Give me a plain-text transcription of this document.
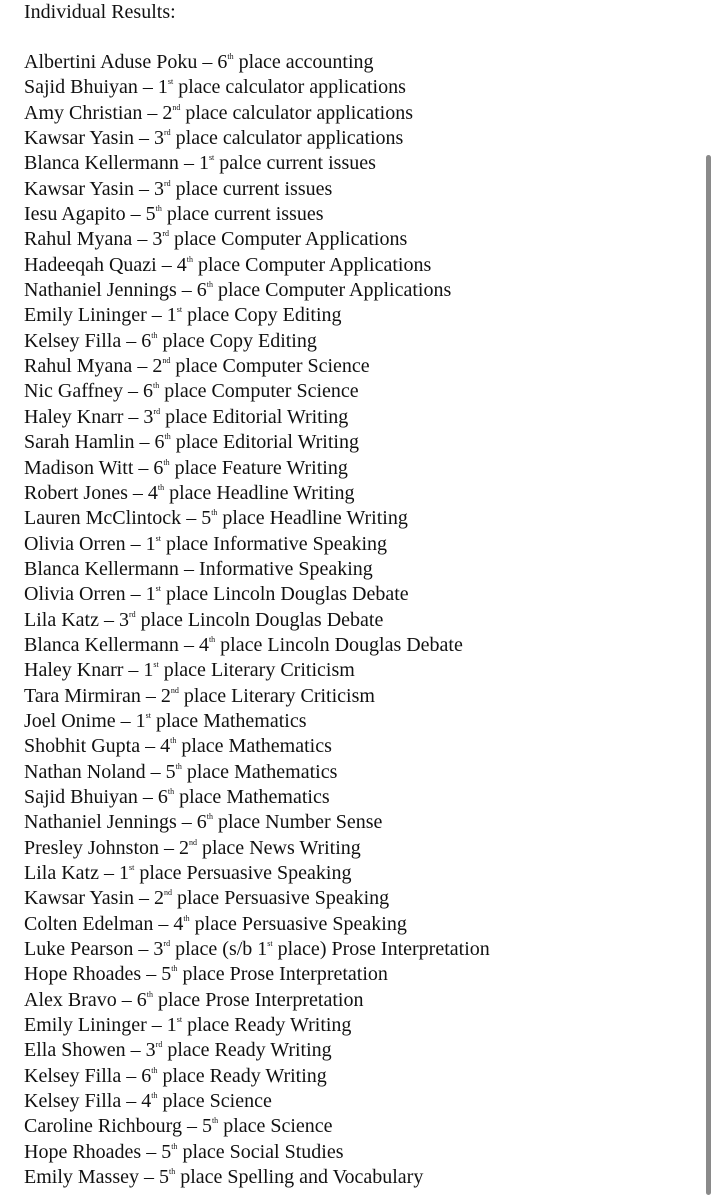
Individual Results:
Albertini Aduse Poku – 6th place accounting
Sajid Bhuiyan – 1st place calculator applications
Amy Christian – 2nd place calculator applications
Kawsar Yasin – 3rd place calculator applications
Blanca Kellermann – 1st palce current issues
Kawsar Yasin – 3rd place current issues
Iesu Agapito – 5th place current issues
Rahul Myana – 3rd place Computer Applications
Hadeeqah Quazi – 4th place Computer Applications
Nathaniel Jennings – 6th place Computer Applications
Emily Lininger – 1st place Copy Editing
Kelsey Filla – 6th place Copy Editing
Rahul Myana – 2nd place Computer Science
Nic Gaffney – 6th place Computer Science
Haley Knarr – 3rd place Editorial Writing
Sarah Hamlin – 6th place Editorial Writing
Madison Witt – 6th place Feature Writing
Robert Jones – 4th place Headline Writing
Lauren McClintock – 5th place Headline Writing
Olivia Orren – 1st place Informative Speaking
Blanca Kellermann – Informative Speaking
Olivia Orren – 1st place Lincoln Douglas Debate
Lila Katz – 3rd place Lincoln Douglas Debate
Blanca Kellermann – 4th place Lincoln Douglas Debate
Haley Knarr – 1st place Literary Criticism
Tara Mirmiran – 2nd place Literary Criticism
Joel Onime – 1st place Mathematics
Shobhit Gupta – 4th place Mathematics
Nathan Noland – 5th place Mathematics
Sajid Bhuiyan – 6th place Mathematics
Nathaniel Jennings – 6th place Number Sense
Presley Johnston – 2nd place News Writing
Lila Katz – 1st place Persuasive Speaking
Kawsar Yasin – 2nd place Persuasive Speaking
Colten Edelman – 4th place Persuasive Speaking
Luke Pearson – 3rd place (s/b 1st place) Prose Interpretation
Hope Rhoades – 5th place Prose Interpretation
Alex Bravo – 6th place Prose Interpretation
Emily Lininger – 1st place Ready Writing
Ella Showen – 3rd place Ready Writing
Kelsey Filla – 6th place Ready Writing
Kelsey Filla – 4th place Science
Caroline Richbourg – 5th place Science
Hope Rhoades – 5th place Social Studies
Emily Massey – 5th place Spelling and Vocabulary
